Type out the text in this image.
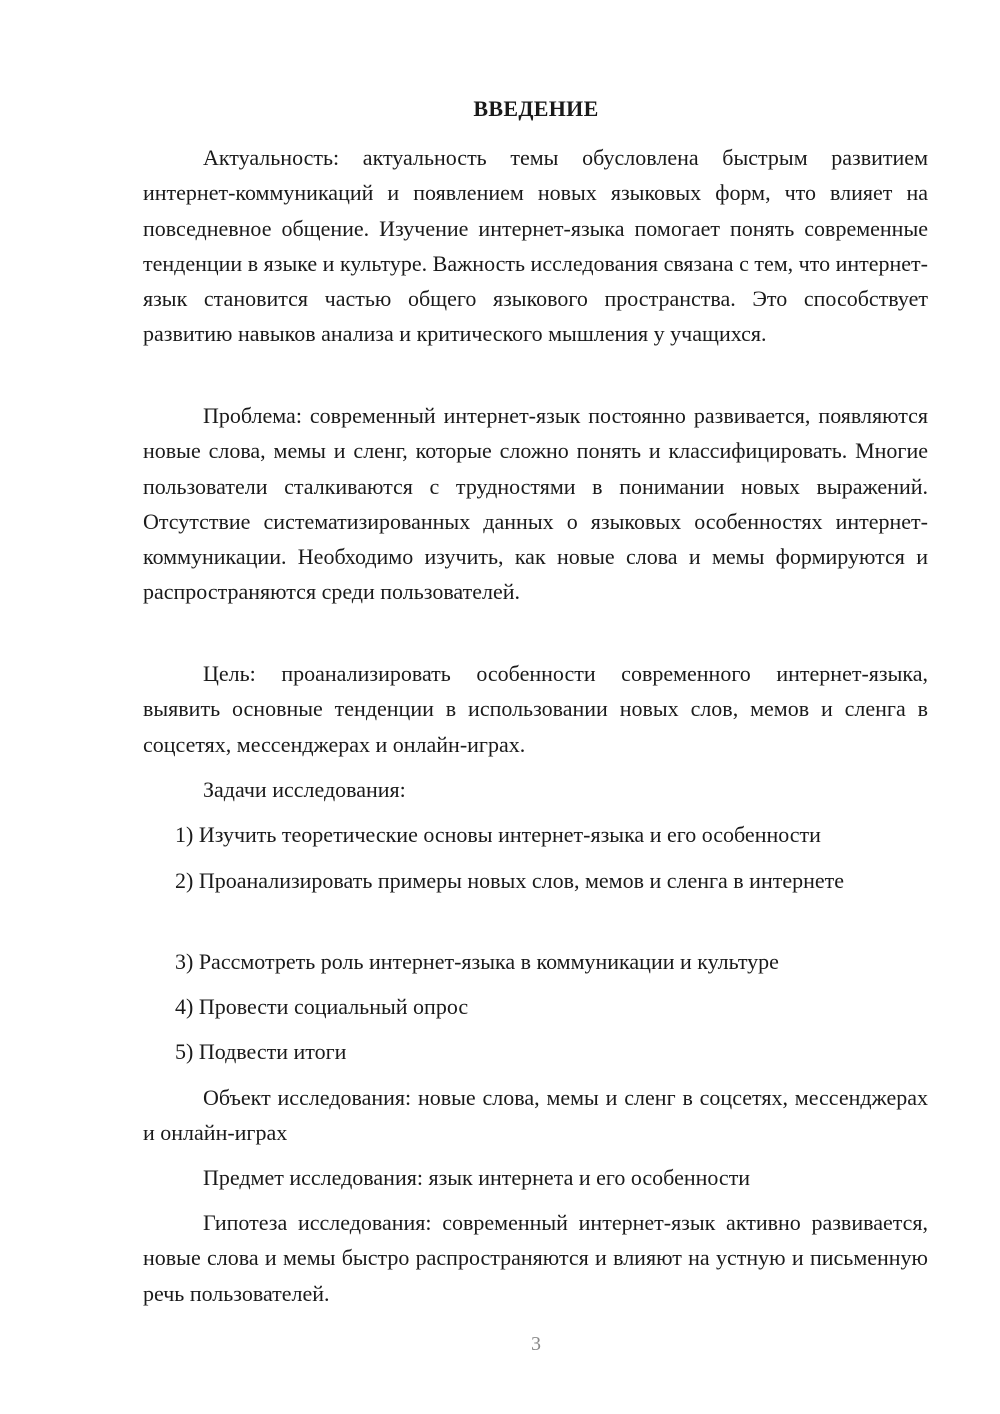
ВВЕДЕНИЕ

Актуальность: актуальность темы обусловлена быстрым развитием интернет-коммуникаций и появлением новых языковых форм, что влияет на повседневное общение. Изучение интернет-языка помогает понять современные тенденции в языке и культуре. Важность исследования связана с тем, что интернет-язык становится частью общего языкового пространства. Это способствует развитию навыков анализа и критического мышления у учащихся.

Проблема: современный интернет-язык постоянно развивается, появляются новые слова, мемы и сленг, которые сложно понять и классифицировать. Многие пользователи сталкиваются с трудностями в понимании новых выражений. Отсутствие систематизированных данных о языковых особенностях интернет-коммуникации. Необходимо изучить, как новые слова и мемы формируются и распространяются среди пользователей.

Цель: проанализировать особенности современного интернет-языка, выявить основные тенденции в использовании новых слов, мемов и сленга в соцсетях, мессенджерах и онлайн-играх.

Задачи исследования:

1) Изучить теоретические основы интернет-языка и его особенности

2) Проанализировать примеры новых слов, мемов и сленга в интернете

3) Рассмотреть роль интернет-языка в коммуникации и культуре

4) Провести социальный опрос

5) Подвести итоги

Объект исследования: новые слова, мемы и сленг в соцсетях, мессенджерах и онлайн-играх

Предмет исследования: язык интернета и его особенности

Гипотеза исследования: современный интернет-язык активно развивается, новые слова и мемы быстро распространяются и влияют на устную и письменную речь пользователей.

3
